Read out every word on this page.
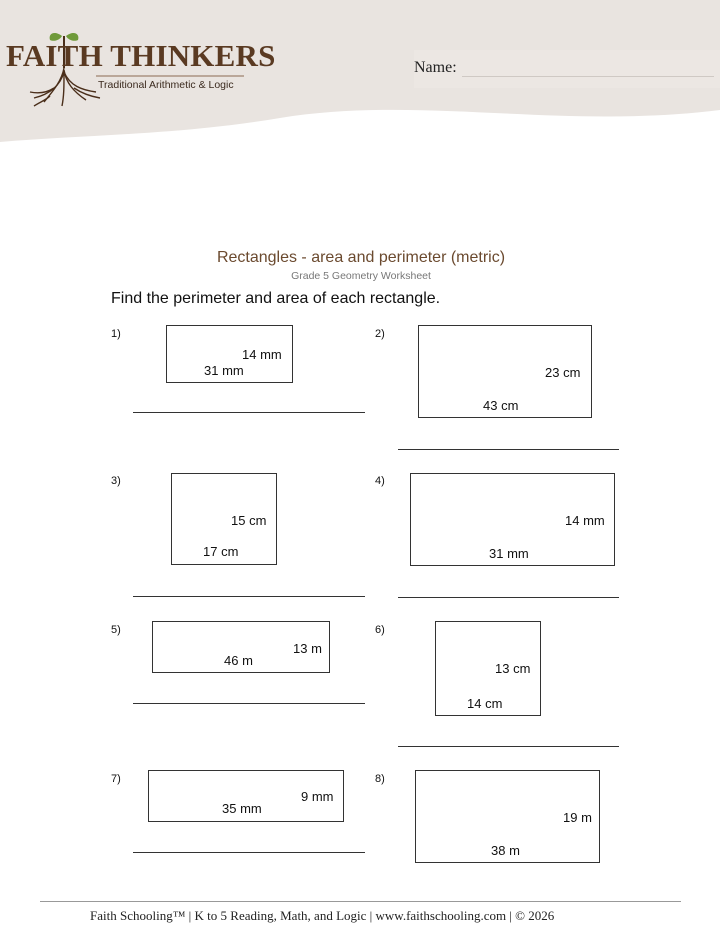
FAITH THINKERS
Traditional Arithmetic & Logic
Name:
Rectangles - area and perimeter (metric)
Grade 5 Geometry Worksheet
Find the perimeter and area of each rectangle.
1)
14 mm
31 mm
2)
23 cm
43 cm
3)
15 cm
17 cm
4)
14 mm
31 mm
5)
13 m
46 m
6)
13 cm
14 cm
7)
9 mm
35 mm
8)
19 m
38 m
Faith Schooling™ | K to 5 Reading, Math, and Logic | www.faithschooling.com | © 2026
